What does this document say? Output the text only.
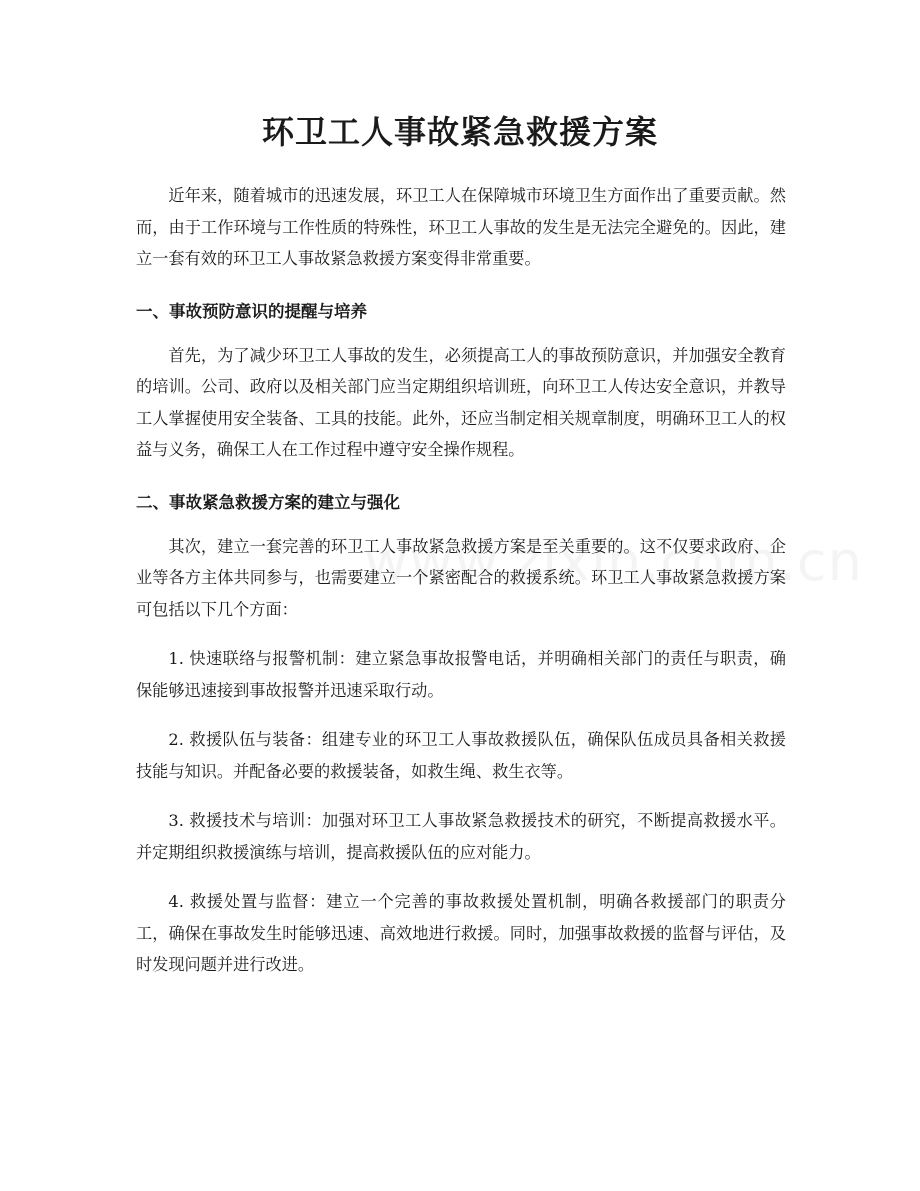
环卫工人事故紧急救援方案

近年来，随着城市的迅速发展，环卫工人在保障城市环境卫生方面作出了重要贡献。然而，由于工作环境与工作性质的特殊性，环卫工人事故的发生是无法完全避免的。因此，建立一套有效的环卫工人事故紧急救援方案变得非常重要。

一、事故预防意识的提醒与培养

首先，为了减少环卫工人事故的发生，必须提高工人的事故预防意识，并加强安全教育的培训。公司、政府以及相关部门应当定期组织培训班，向环卫工人传达安全意识，并教导工人掌握使用安全装备、工具的技能。此外，还应当制定相关规章制度，明确环卫工人的权益与义务，确保工人在工作过程中遵守安全操作规程。

二、事故紧急救援方案的建立与强化

其次，建立一套完善的环卫工人事故紧急救援方案是至关重要的。这不仅要求政府、企业等各方主体共同参与，也需要建立一个紧密配合的救援系统。环卫工人事故紧急救援方案可包括以下几个方面：

1. 快速联络与报警机制：建立紧急事故报警电话，并明确相关部门的责任与职责，确保能够迅速接到事故报警并迅速采取行动。

2. 救援队伍与装备：组建专业的环卫工人事故救援队伍，确保队伍成员具备相关救援技能与知识。并配备必要的救援装备，如救生绳、救生衣等。

3. 救援技术与培训：加强对环卫工人事故紧急救援技术的研究，不断提高救援水平。并定期组织救援演练与培训，提高救援队伍的应对能力。

4. 救援处置与监督：建立一个完善的事故救援处置机制，明确各救援部门的职责分工，确保在事故发生时能够迅速、高效地进行救援。同时，加强事故救援的监督与评估，及时发现问题并进行改进。
